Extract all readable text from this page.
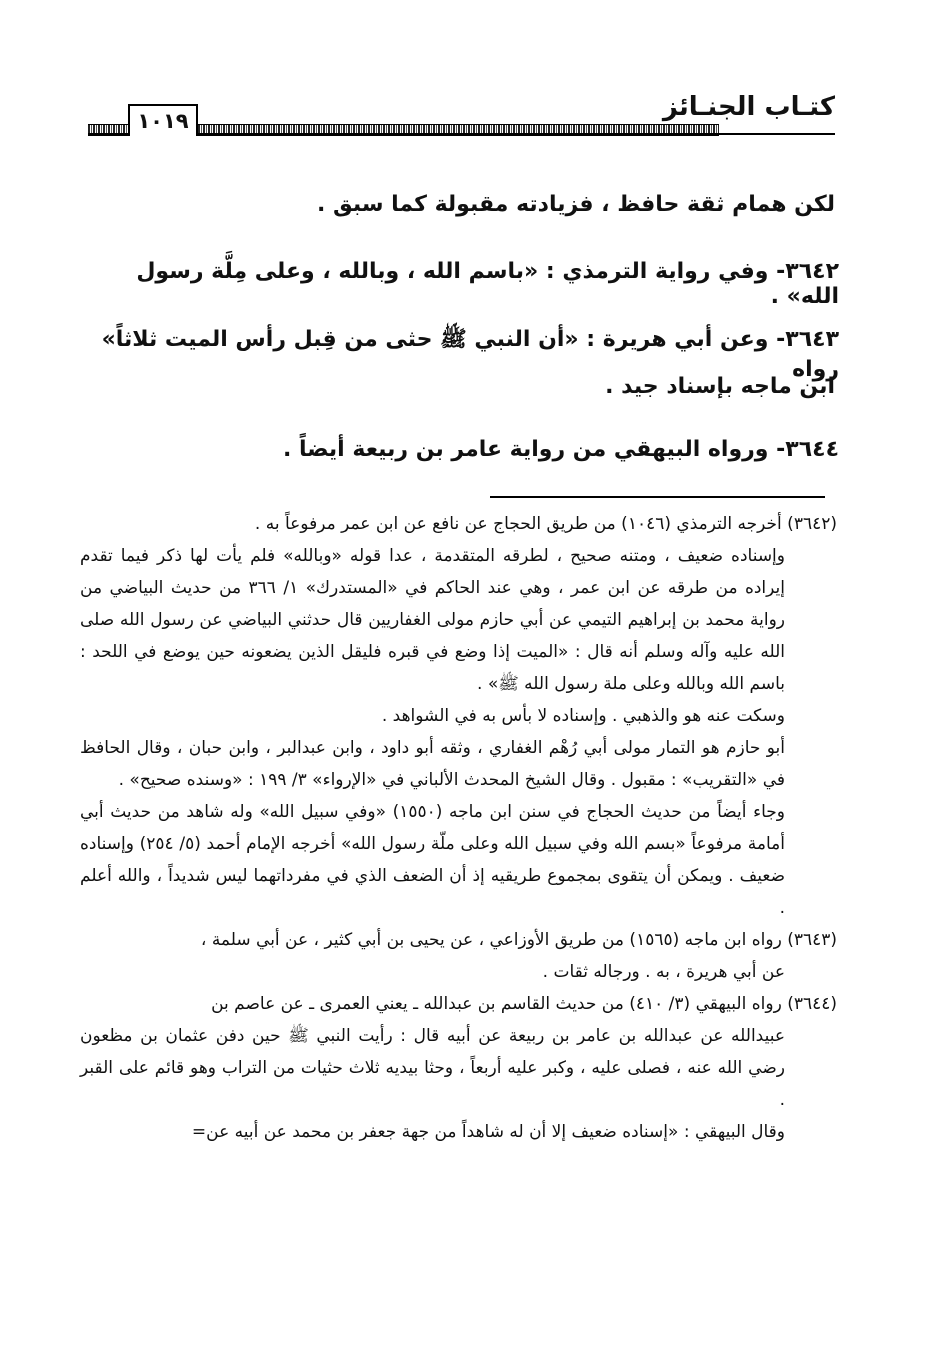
كتـاب الجنـائز
١٠١٩
لكن همام ثقة حافظ ، فزيادته مقبولة كما سبق .
٣٦٤٢- وفي رواية الترمذي : «باسم الله ، وبالله ، وعلى مِلَّة رسول الله» .
٣٦٤٣- وعن أبي هريرة : «أن النبي ﷺ حثى من قِبل رأس الميت ثلاثاً» رواه
ابن ماجه بإسناد جيد .
٣٦٤٤- ورواه البيهقي من رواية عامر بن ربيعة أيضاً .

(٣٦٤٢) أخرجه الترمذي (١٠٤٦) من طريق الحجاج عن نافع عن ابن عمر مرفوعاً به .

وإسناده ضعيف ، ومتنه صحيح ، لطرقه المتقدمة ، عدا قوله «وبالله» فلم يأت لها ذكر فيما تقدم إيراده من طرقه عن ابن عمر ، وهي عند الحاكم في «المستدرك» ١/ ٣٦٦ من حديث البياضي من رواية محمد بن إبراهيم التيمي عن أبي حازم مولى الغفاريين قال حدثني البياضي عن رسول الله صلى الله عليه وآله وسلم أنه قال : «الميت إذا وضع في قبره فليقل الذين يضعونه حين يوضع في اللحد : باسم الله وبالله وعلى ملة رسول الله ﷺ» .

وسكت عنه هو والذهبي . وإسناده لا بأس به في الشواهد .

أبو حازم هو التمار مولى أبي رُهْم الغفاري ، وثقه أبو داود ، وابن عبدالبر ، وابن حبان ، وقال الحافظ في «التقريب» : مقبول . وقال الشيخ المحدث الألباني في «الإرواء» ٣/ ١٩٩ : «وسنده صحيح» .

وجاء أيضاً من حديث الحجاج في سنن ابن ماجه (١٥٥٠) «وفي سبيل الله» وله شاهد من حديث أبي أمامة مرفوعاً «بسم الله وفي سبيل الله وعلى ملّة رسول الله» أخرجه الإمام أحمد (٥/ ٢٥٤) وإسناده ضعيف . ويمكن أن يتقوى بمجموع طريقيه إذ أن الضعف الذي في مفرداتهما ليس شديداً ، والله أعلم .

(٣٦٤٣) رواه ابن ماجه (١٥٦٥) من طريق الأوزاعي ، عن يحيى بن أبي كثير ، عن أبي سلمة ،

عن أبي هريرة ، به . ورجاله ثقات .

(٣٦٤٤) رواه البيهقي (٣/ ٤١٠) من حديث القاسم بن عبدالله ـ يعني العمرى ـ عن عاصم بن

عبيدالله عن عبدالله بن عامر بن ربيعة عن أبيه قال : رأيت النبي ﷺ حين دفن عثمان بن مظعون رضي الله عنه ، فصلى عليه ، وكبر عليه أربعاً ، وحثا بيديه ثلاث حثيات من التراب وهو قائم على القبر .

وقال البيهقي : «إسناده ضعيف إلا أن له شاهداً من جهة جعفر بن محمد عن أبيه عن=
